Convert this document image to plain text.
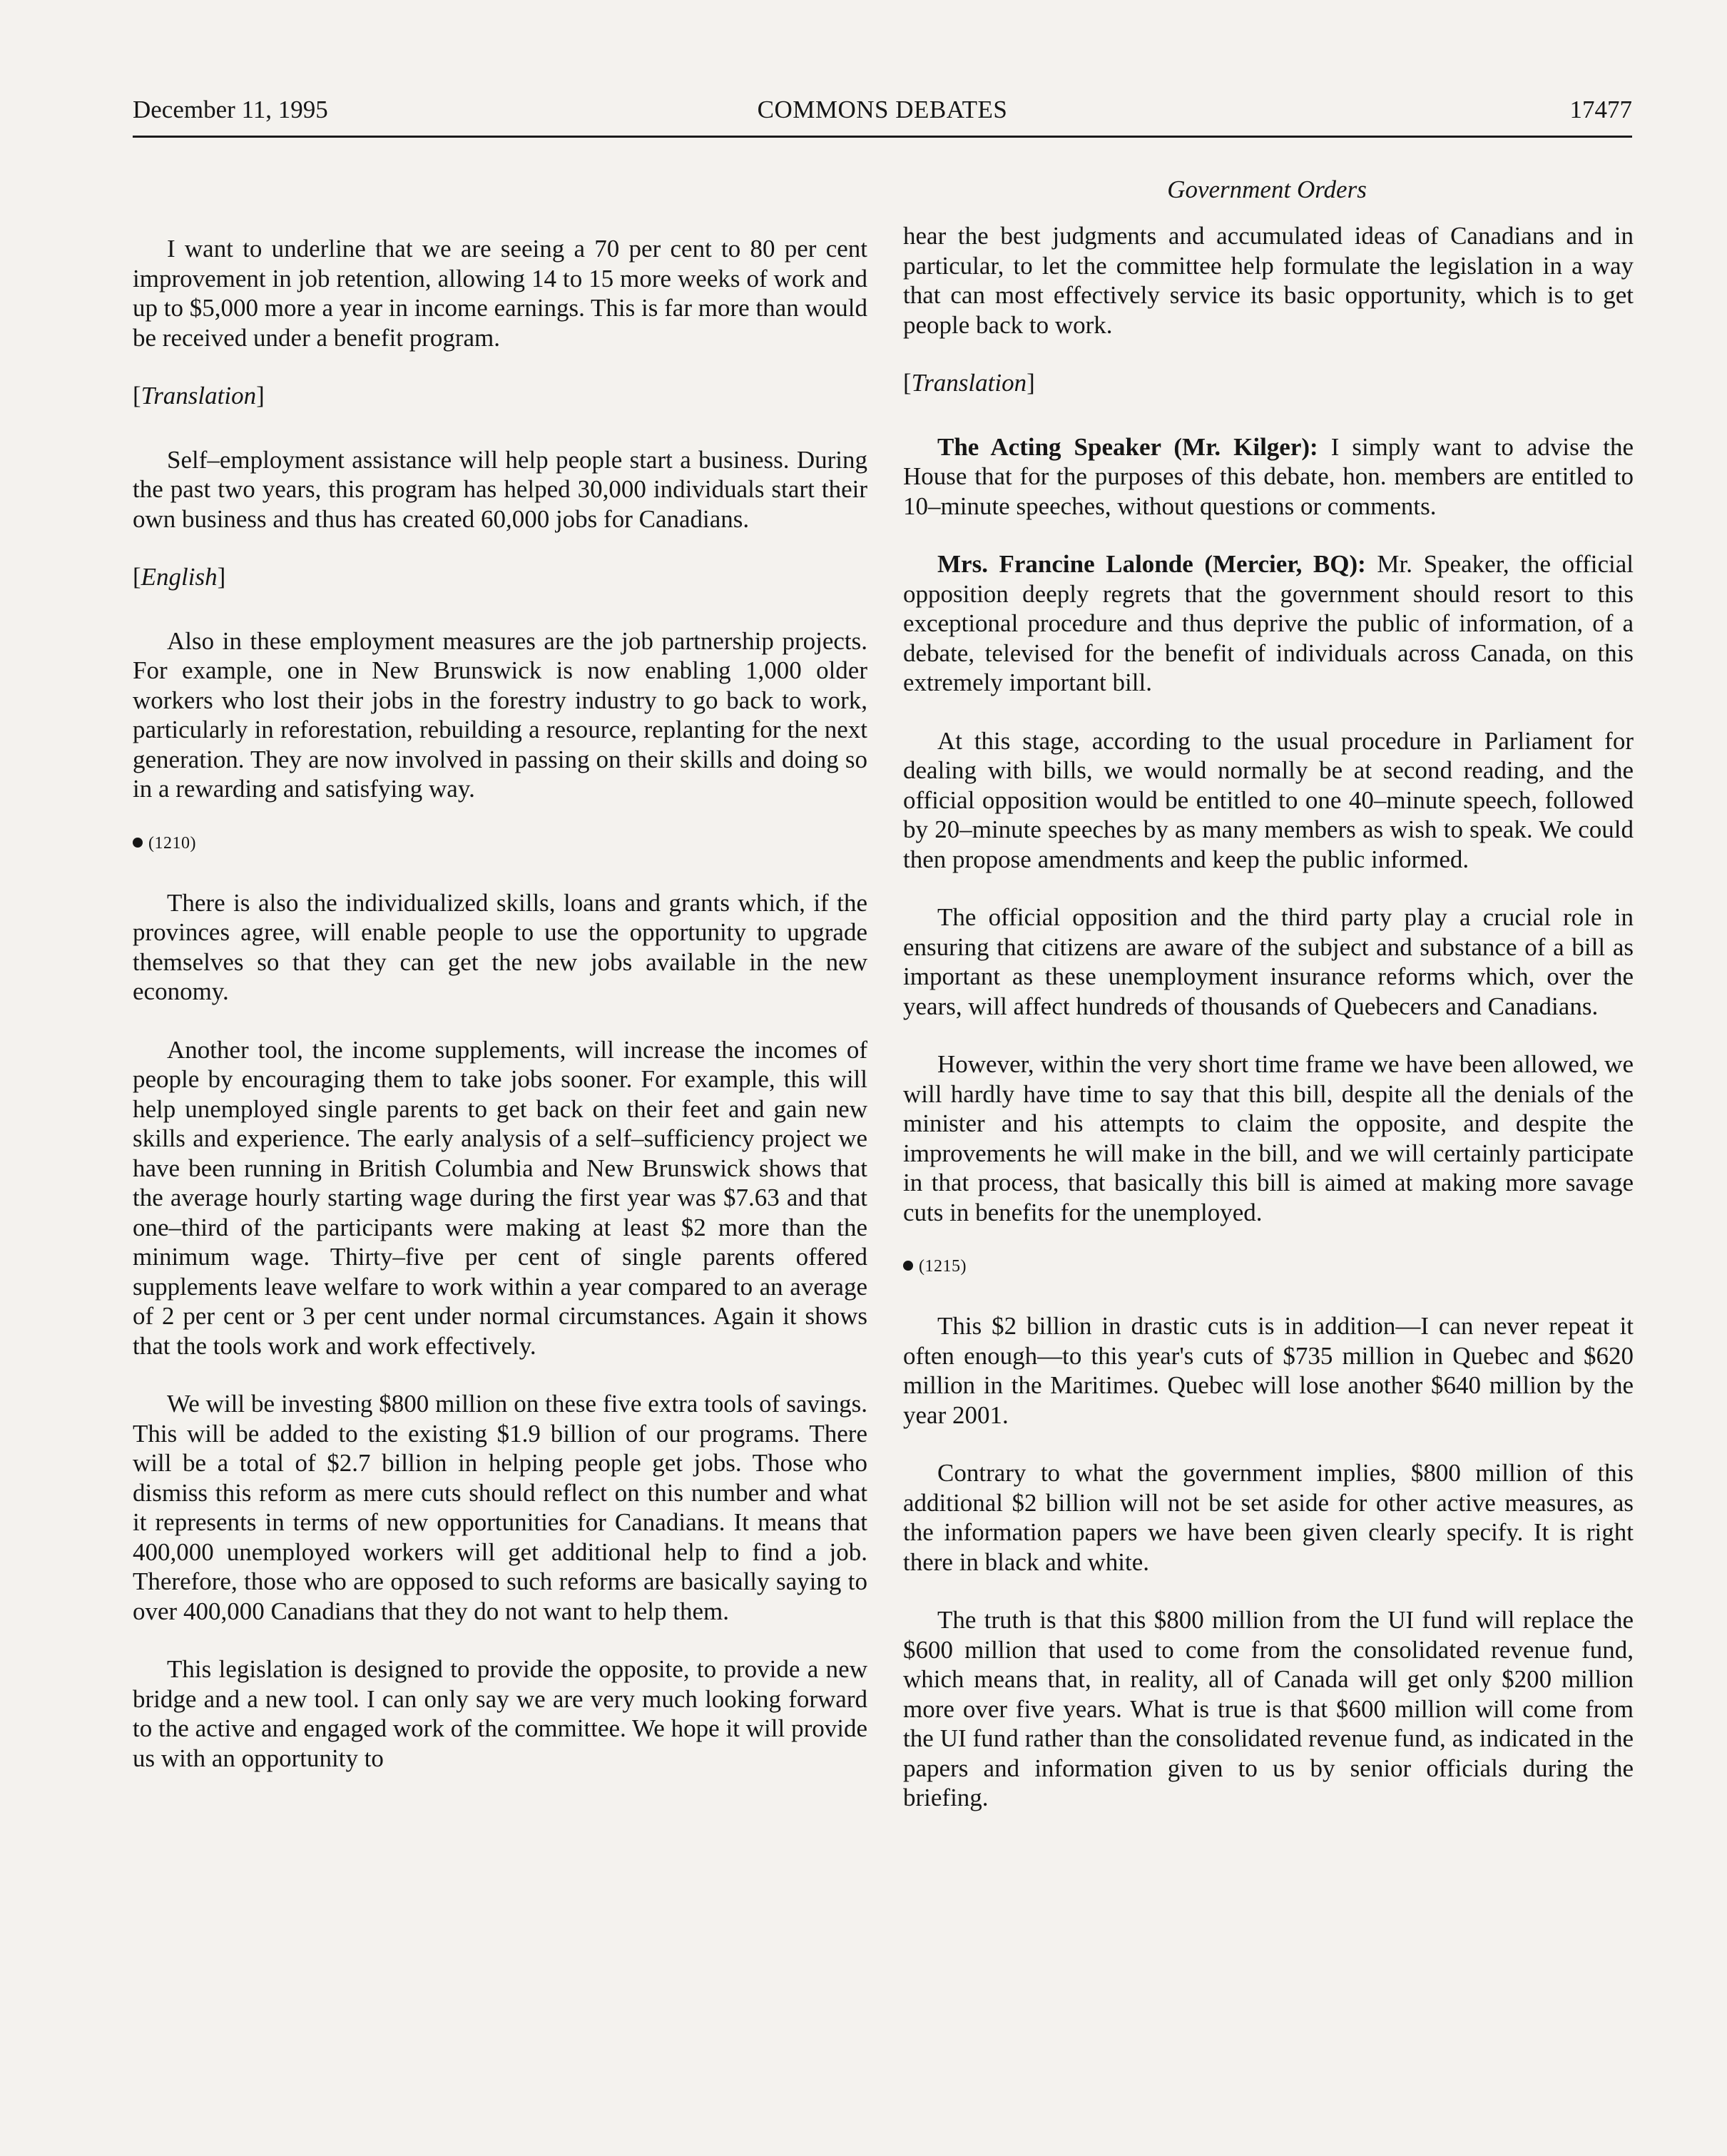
December 11, 1995	COMMONS DEBATES	17477
Government Orders

I want to underline that we are seeing a 70 per cent to 80 per cent improvement in job retention, allowing 14 to 15 more weeks of work and up to $5,000 more a year in income earnings. This is far more than would be received under a benefit program.

[Translation]

Self–employment assistance will help people start a business. During the past two years, this program has helped 30,000 individuals start their own business and thus has created 60,000 jobs for Canadians.

[English]

Also in these employment measures are the job partnership projects. For example, one in New Brunswick is now enabling 1,000 older workers who lost their jobs in the forestry industry to go back to work, particularly in reforestation, rebuilding a resource, replanting for the next generation. They are now involved in passing on their skills and doing so in a rewarding and satisfying way.

(1210)

There is also the individualized skills, loans and grants which, if the provinces agree, will enable people to use the opportunity to upgrade themselves so that they can get the new jobs available in the new economy.

Another tool, the income supplements, will increase the incomes of people by encouraging them to take jobs sooner. For example, this will help unemployed single parents to get back on their feet and gain new skills and experience. The early analysis of a self–sufficiency project we have been running in British Columbia and New Brunswick shows that the average hourly starting wage during the first year was $7.63 and that one–third of the participants were making at least $2 more than the minimum wage. Thirty–five per cent of single parents offered supplements leave welfare to work within a year compared to an average of 2 per cent or 3 per cent under normal circumstances. Again it shows that the tools work and work effectively.

We will be investing $800 million on these five extra tools of savings. This will be added to the existing $1.9 billion of our programs. There will be a total of $2.7 billion in helping people get jobs. Those who dismiss this reform as mere cuts should reflect on this number and what it represents in terms of new opportunities for Canadians. It means that 400,000 unemployed workers will get additional help to find a job. Therefore, those who are opposed to such reforms are basically saying to over 400,000 Canadians that they do not want to help them.

This legislation is designed to provide the opposite, to provide a new bridge and a new tool. I can only say we are very much looking forward to the active and engaged work of the committee. We hope it will provide us with an opportunity to

hear the best judgments and accumulated ideas of Canadians and in particular, to let the committee help formulate the legislation in a way that can most effectively service its basic opportunity, which is to get people back to work.

[Translation]

The Acting Speaker (Mr. Kilger): I simply want to advise the House that for the purposes of this debate, hon. members are entitled to 10–minute speeches, without questions or comments.

Mrs. Francine Lalonde (Mercier, BQ): Mr. Speaker, the official opposition deeply regrets that the government should resort to this exceptional procedure and thus deprive the public of information, of a debate, televised for the benefit of individuals across Canada, on this extremely important bill.

At this stage, according to the usual procedure in Parliament for dealing with bills, we would normally be at second reading, and the official opposition would be entitled to one 40–minute speech, followed by 20–minute speeches by as many members as wish to speak. We could then propose amendments and keep the public informed.

The official opposition and the third party play a crucial role in ensuring that citizens are aware of the subject and substance of a bill as important as these unemployment insurance reforms which, over the years, will affect hundreds of thousands of Quebecers and Canadians.

However, within the very short time frame we have been allowed, we will hardly have time to say that this bill, despite all the denials of the minister and his attempts to claim the opposite, and despite the improvements he will make in the bill, and we will certainly participate in that process, that basically this bill is aimed at making more savage cuts in benefits for the unemployed.

(1215)

This $2 billion in drastic cuts is in addition—I can never repeat it often enough—to this year's cuts of $735 million in Quebec and $620 million in the Maritimes. Quebec will lose another $640 million by the year 2001.

Contrary to what the government implies, $800 million of this additional $2 billion will not be set aside for other active measures, as the information papers we have been given clearly specify. It is right there in black and white.

The truth is that this $800 million from the UI fund will replace the $600 million that used to come from the consolidated revenue fund, which means that, in reality, all of Canada will get only $200 million more over five years. What is true is that $600 million will come from the UI fund rather than the consolidated revenue fund, as indicated in the papers and information given to us by senior officials during the briefing.
